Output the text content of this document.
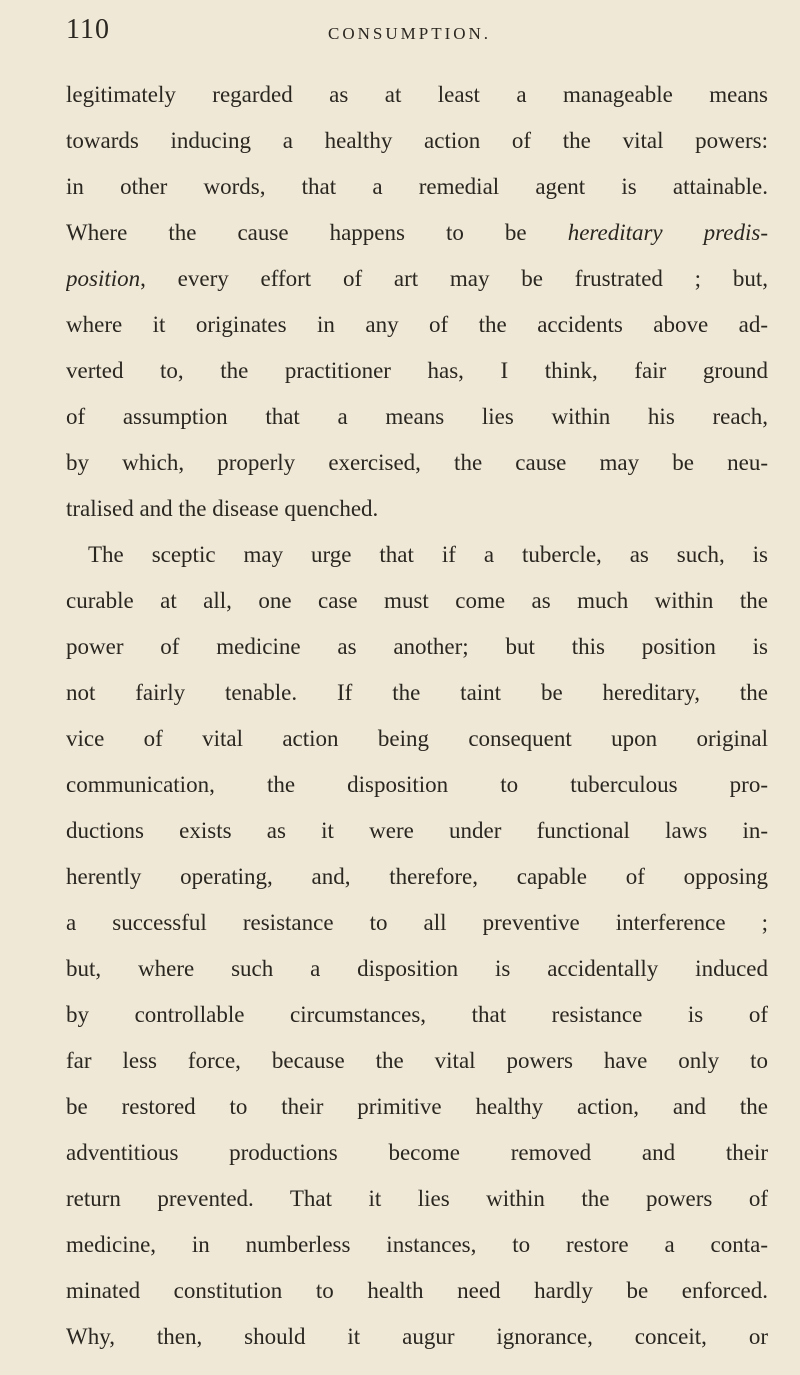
110	CONSUMPTION.
legitimately regarded as at least a manageable means
towards inducing a healthy action of the vital powers:
in other words, that a remedial agent is attainable.
Where the cause happens to be hereditary predis-
position, every effort of art may be frustrated ; but,
where it originates in any of the accidents above ad-
verted to, the practitioner has, I think, fair ground
of assumption that a means lies within his reach,
by which, properly exercised, the cause may be neu-
tralised and the disease quenched.
The sceptic may urge that if a tubercle, as such, is
curable at all, one case must come as much within the
power of medicine as another; but this position is
not fairly tenable. If the taint be hereditary, the
vice of vital action being consequent upon original
communication, the disposition to tuberculous pro-
ductions exists as it were under functional laws in-
herently operating, and, therefore, capable of opposing
a successful resistance to all preventive interference ;
but, where such a disposition is accidentally induced
by controllable circumstances, that resistance is of
far less force, because the vital powers have only to
be restored to their primitive healthy action, and the
adventitious productions become removed and their
return prevented. That it lies within the powers of
medicine, in numberless instances, to restore a conta-
minated constitution to health need hardly be enforced.
Why, then, should it augur ignorance, conceit, or
